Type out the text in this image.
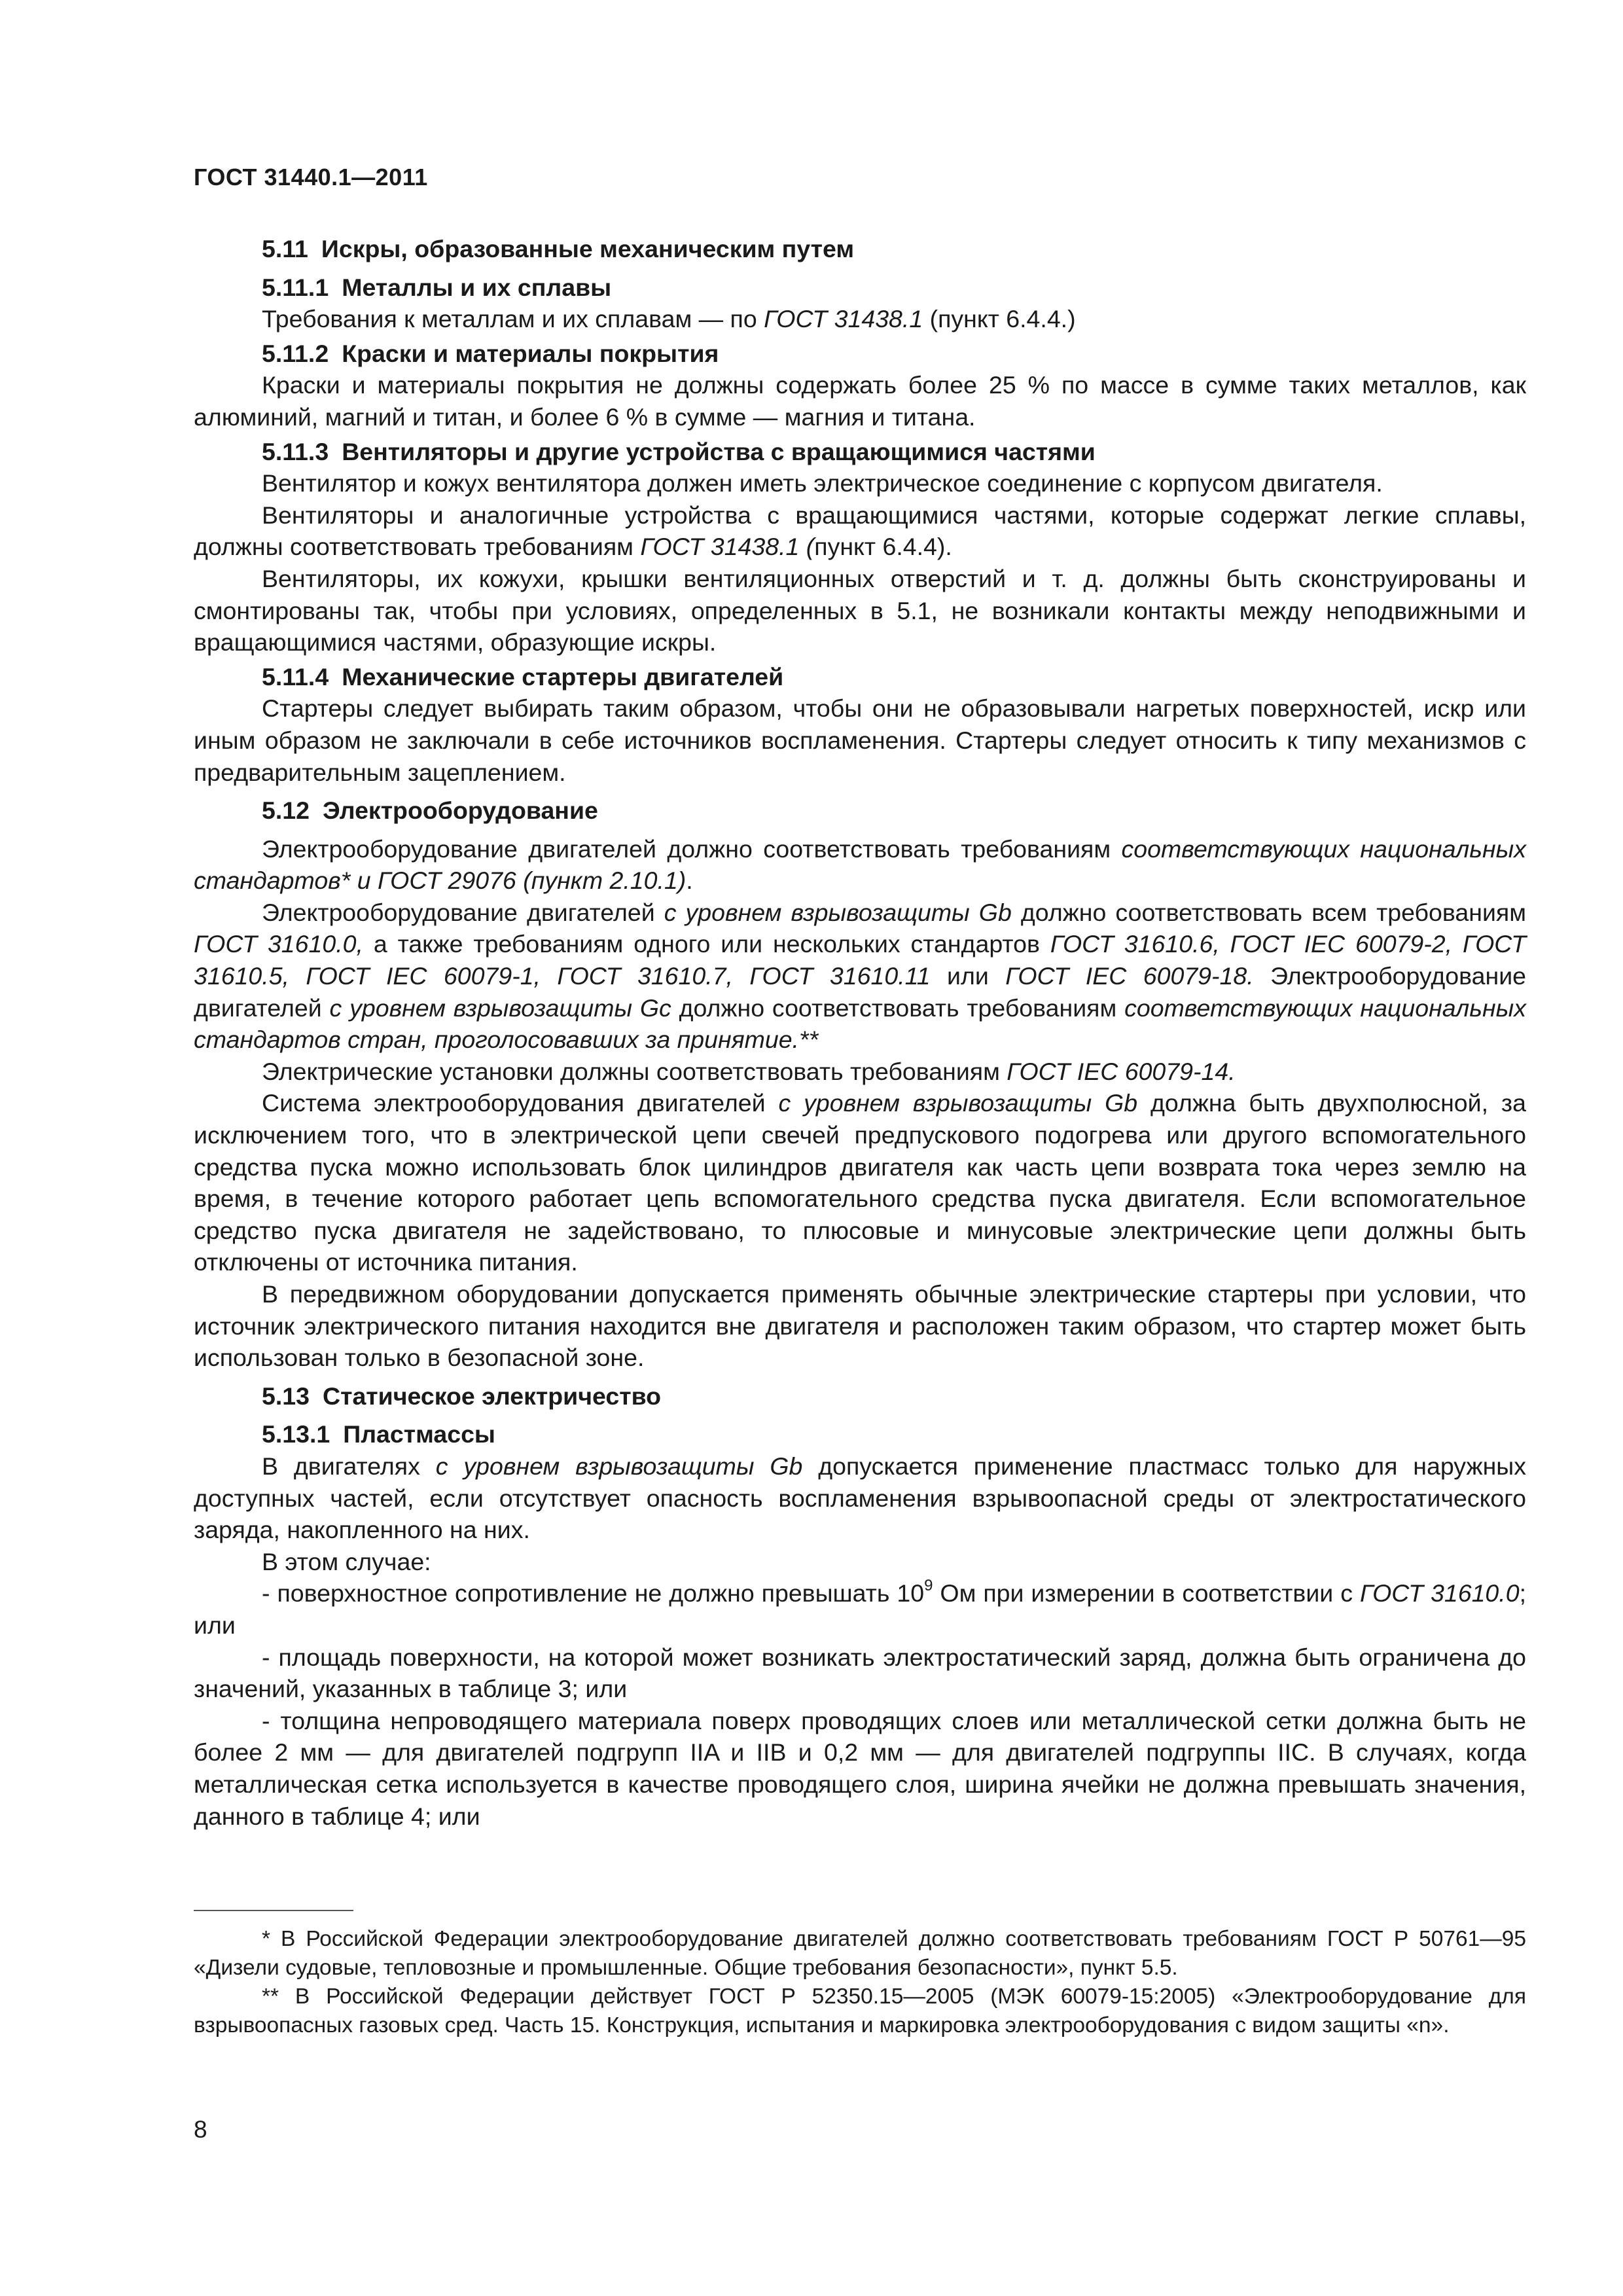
ГОСТ 31440.1—2011
5.11 Искры, образованные механическим путем
5.11.1 Металлы и их сплавы

Требования к металлам и их сплавам — по ГОСТ 31438.1 (пункт 6.4.4.)

5.11.2 Краски и материалы покрытия

Краски и материалы покрытия не должны содержать более 25 % по массе в сумме таких металлов, как алюминий, магний и титан, и более 6 % в сумме — магния и титана.

5.11.3 Вентиляторы и другие устройства с вращающимися частями

Вентилятор и кожух вентилятора должен иметь электрическое соединение с корпусом двигателя.

Вентиляторы и аналогичные устройства с вращающимися частями, которые содержат легкие сплавы, должны соответствовать требованиям ГОСТ 31438.1 (пункт 6.4.4).

Вентиляторы, их кожухи, крышки вентиляционных отверстий и т. д. должны быть сконструированы и смонтированы так, чтобы при условиях, определенных в 5.1, не возникали контакты между неподвижными и вращающимися частями, образующие искры.

5.11.4 Механические стартеры двигателей

Стартеры следует выбирать таким образом, чтобы они не образовывали нагретых поверхностей, искр или иным образом не заключали в себе источников воспламенения. Стартеры следует относить к типу механизмов с предварительным зацеплением.

5.12 Электрооборудование

Электрооборудование двигателей должно соответствовать требованиям соответствующих национальных стандартов* и ГОСТ 29076 (пункт 2.10.1).

Электрооборудование двигателей с уровнем взрывозащиты Gb должно соответствовать всем требованиям ГОСТ 31610.0, а также требованиям одного или нескольких стандартов ГОСТ 31610.6, ГОСТ IEC 60079-2, ГОСТ 31610.5, ГОСТ IEC 60079-1, ГОСТ 31610.7, ГОСТ 31610.11 или ГОСТ IEC 60079-18. Электрооборудование двигателей с уровнем взрывозащиты Gc должно соответствовать требованиям соответствующих национальных стандартов стран, проголосовавших за принятие.**

Электрические установки должны соответствовать требованиям ГОСТ IEC 60079-14.

Система электрооборудования двигателей с уровнем взрывозащиты Gb должна быть двухполюсной, за исключением того, что в электрической цепи свечей предпускового подогрева или другого вспомогательного средства пуска можно использовать блок цилиндров двигателя как часть цепи возврата тока через землю на время, в течение которого работает цепь вспомогательного средства пуска двигателя. Если вспомогательное средство пуска двигателя не задействовано, то плюсовые и минусовые электрические цепи должны быть отключены от источника питания.

В передвижном оборудовании допускается применять обычные электрические стартеры при условии, что источник электрического питания находится вне двигателя и расположен таким образом, что стартер может быть использован только в безопасной зоне.

5.13 Статическое электричество
5.13.1 Пластмассы

В двигателях с уровнем взрывозащиты Gb допускается применение пластмасс только для наружных доступных частей, если отсутствует опасность воспламенения взрывоопасной среды от электростатического заряда, накопленного на них.

В этом случае:

- поверхностное сопротивление не должно превышать $10^9$ Ом при измерении в соответствии с ГОСТ 31610.0; или

- площадь поверхности, на которой может возникать электростатический заряд, должна быть ограничена до значений, указанных в таблице 3; или

- толщина непроводящего материала поверх проводящих слоев или металлической сетки должна быть не более 2 мм — для двигателей подгрупп IIA и IIB и 0,2 мм — для двигателей подгруппы IIC. В случаях, когда металлическая сетка используется в качестве проводящего слоя, ширина ячейки не должна превышать значения, данного в таблице 4; или

* В Российской Федерации электрооборудование двигателей должно соответствовать требованиям ГОСТ Р 50761—95 «Дизели судовые, тепловозные и промышленные. Общие требования безопасности», пункт 5.5.

** В Российской Федерации действует ГОСТ Р 52350.15—2005 (МЭК 60079-15:2005) «Электрооборудование для взрывоопасных газовых сред. Часть 15. Конструкция, испытания и маркировка электрооборудования с видом защиты «n».

8
